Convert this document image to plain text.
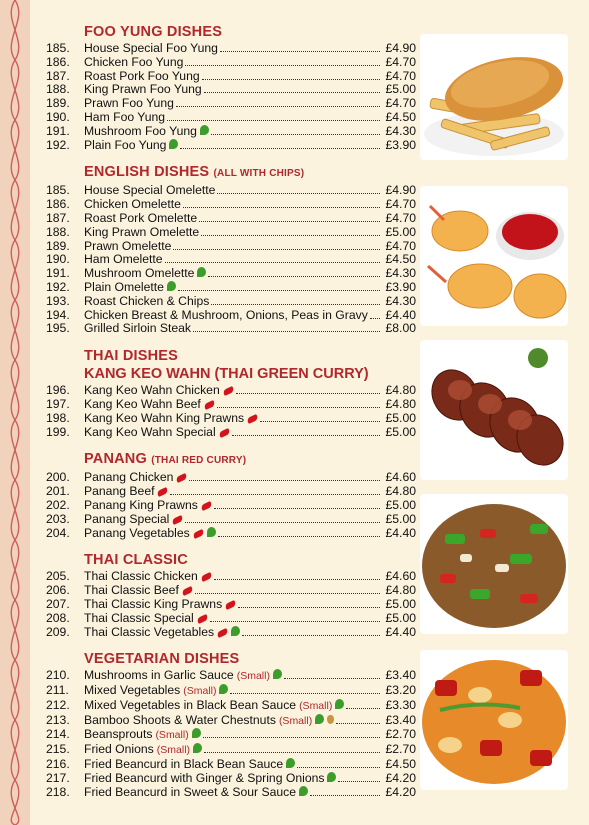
FOO YUNG DISHES
185.	House Special Foo Yung	£4.90
186.	Chicken Foo Yung	£4.70
187.	Roast Pork Foo Yung	£4.70
188.	King Prawn Foo Yung	£5.00
189.	Prawn Foo Yung	£4.70
190.	Ham Foo Yung	£4.50
191.	Mushroom Foo Yung	£4.30
192.	Plain Foo Yung	£3.90
ENGLISH DISHES (ALL WITH CHIPS)
185.	House Special Omelette	£4.90
186.	Chicken Omelette	£4.70
187.	Roast Pork Omelette	£4.70
188.	King Prawn Omelette	£5.00
189.	Prawn Omelette	£4.70
190.	Ham Omelette	£4.50
191.	Mushroom Omelette	£4.30
192.	Plain Omelette	£3.90
193.	Roast Chicken & Chips	£4.30
194.	Chicken Breast & Mushroom, Onions, Peas in Gravy £4.40
195.	Grilled Sirloin Steak	£8.00
THAI DISHES
KANG KEO WAHN (THAI GREEN CURRY)
196.	Kang Keo Wahn Chicken	£4.80
197.	Kang Keo Wahn Beef	£4.80
198.	Kang Keo Wahn King Prawns	£5.00
199.	Kang Keo Wahn Special	£5.00
PANANG (THAI RED CURRY)
200.	Panang Chicken	£4.60
201.	Panang Beef	£4.80
202.	Panang King Prawns	£5.00
203.	Panang Special	£5.00
204.	Panang Vegetables	£4.40
THAI CLASSIC
205.	Thai Classic Chicken	£4.60
206.	Thai Classic Beef	£4.80
207.	Thai Classic King Prawns	£5.00
208.	Thai Classic Special	£5.00
209.	Thai Classic Vegetables	£4.40
VEGETARIAN DISHES
210.	Mushrooms in Garlic Sauce (Small)	£3.40
211.	Mixed Vegetables (Small)	£3.20
212.	Mixed Vegetables in Black Bean Sauce (Small)	£3.30
213.	Bamboo Shoots & Water Chestnuts (Small)	£3.40
214.	Beansprouts (Small)	£2.70
215.	Fried Onions (Small)	£2.70
216.	Fried Beancurd in Black Bean Sauce	£4.50
217.	Fried Beancurd with Ginger & Spring Onions	£4.20
218.	Fried Beancurd in Sweet & Sour Sauce	£4.20
